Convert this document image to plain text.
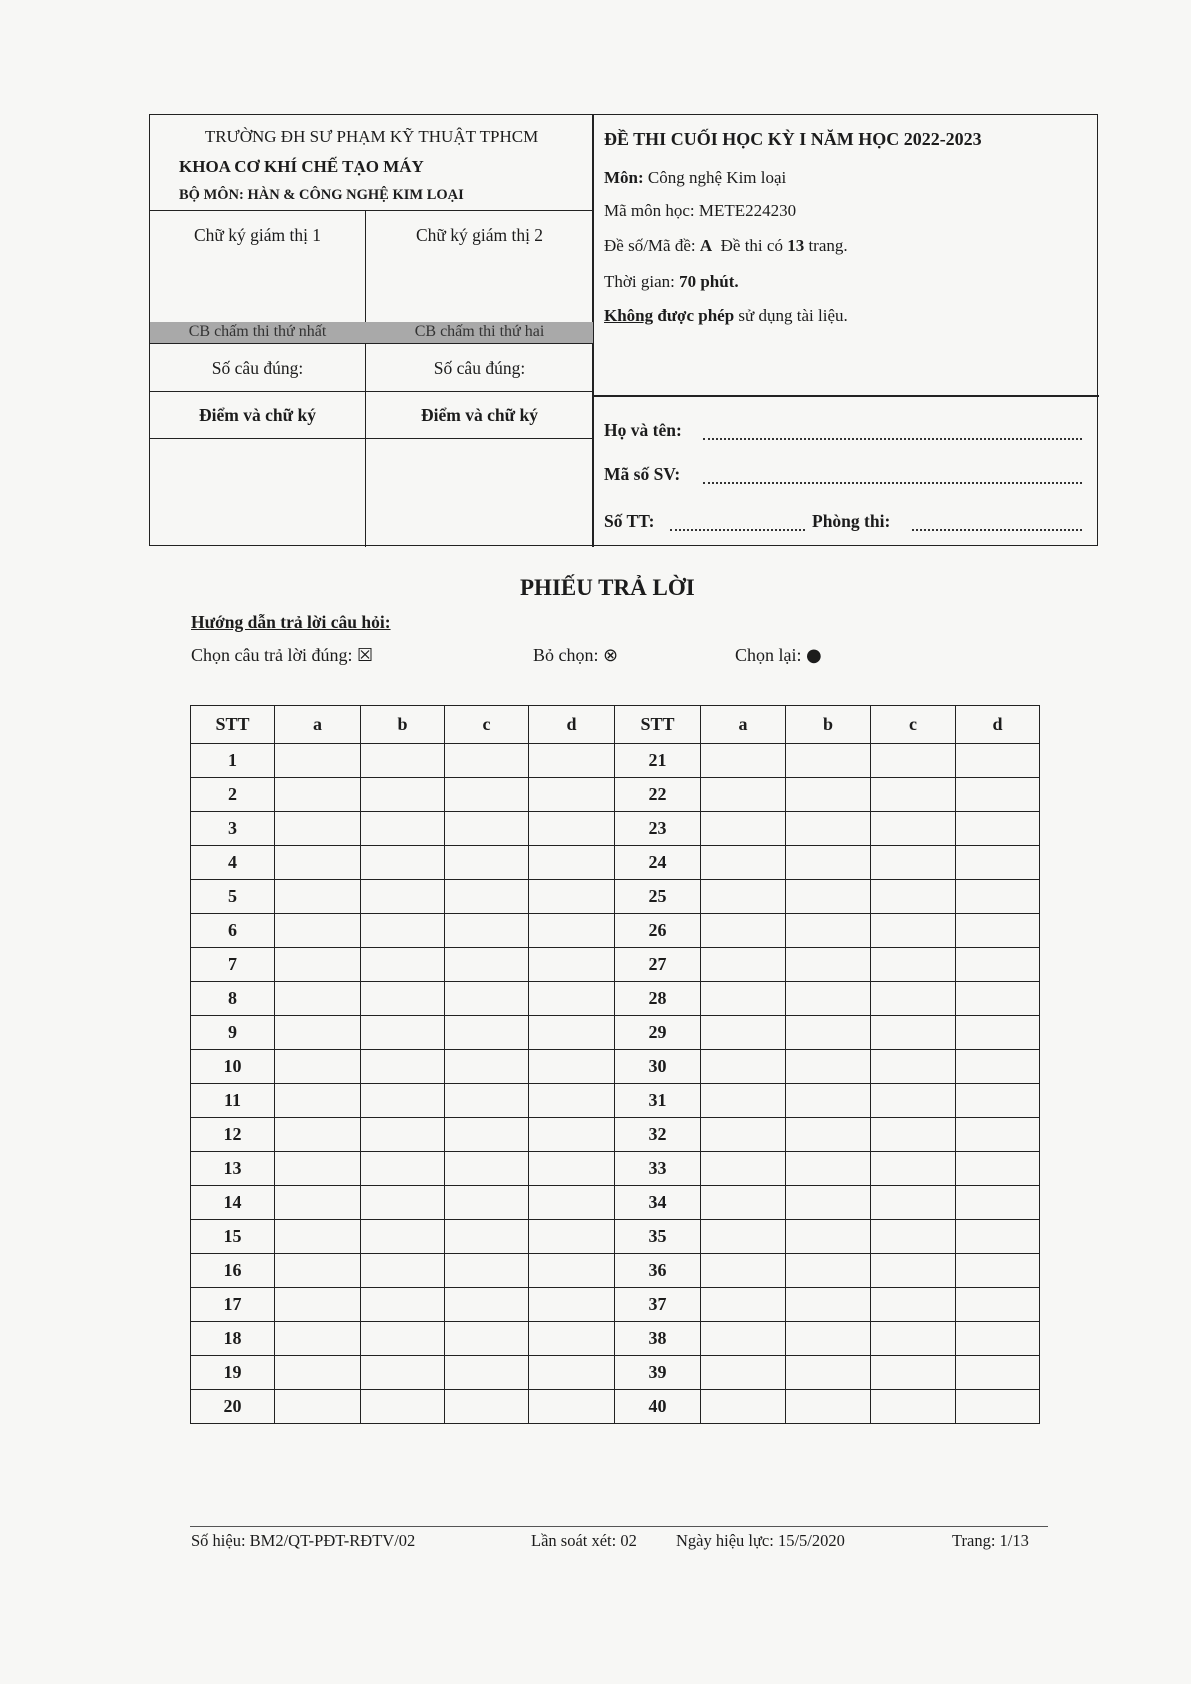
TRƯỜNG ĐH SƯ PHẠM KỸ THUẬT TPHCM
KHOA CƠ KHÍ CHẾ TẠO MÁY
BỘ MÔN: HÀN & CÔNG NGHỆ KIM LOẠI
Chữ ký giám thị 1	Chữ ký giám thị 2
CB chấm thi thứ nhất	CB chấm thi thứ hai
Số câu đúng:	Số câu đúng:
Điểm và chữ ký	Điểm và chữ ký
ĐỀ THI CUỐI HỌC KỲ I NĂM HỌC 2022-2023
Môn: Công nghệ Kim loại
Mã môn học: METE224230
Đề số/Mã đề: A Đề thi có 13 trang.
Thời gian: 70 phút.
Không được phép sử dụng tài liệu.
Họ và tên:
Mã số SV:
Số TT:	Phòng thi:
PHIẾU TRẢ LỜI
Hướng dẫn trả lời câu hỏi:
Chọn câu trả lời đúng: ☒	Bỏ chọn: ⊗	Chọn lại: ●
STT	a	b	c	d	STT	a	b	c	d
1					21				
2					22				
3					23				
4					24				
5					25				
6					26				
7					27				
8					28				
9					29				
10					30				
11					31				
12					32				
13					33				
14					34				
15					35				
16					36				
17					37				
18					38				
19					39				
20					40				
Số hiệu: BM2/QT-PĐT-RĐTV/02	Lần soát xét: 02 Ngày hiệu lực: 15/5/2020	Trang: 1/13
